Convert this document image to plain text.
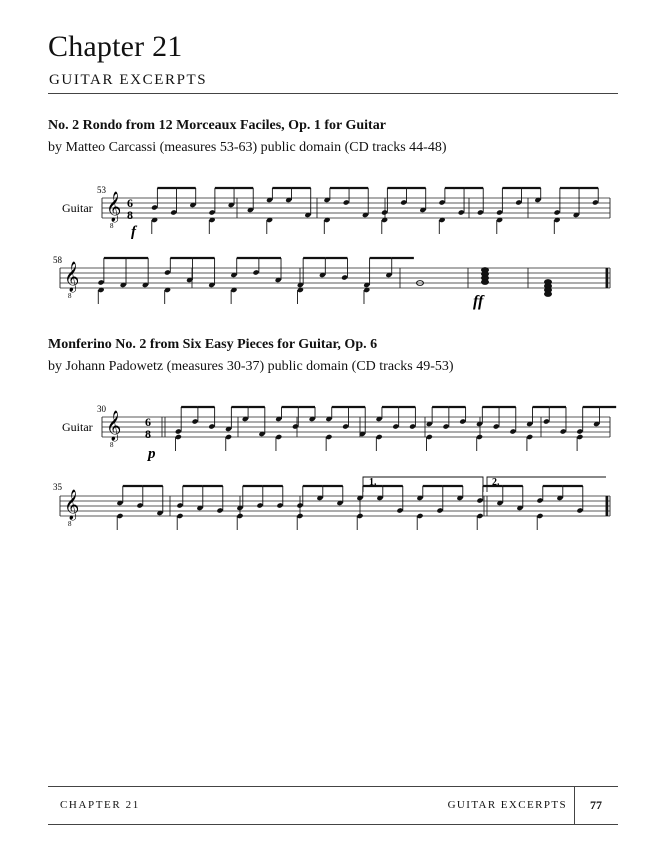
Chapter 21
GUITAR EXCERPTS
No. 2 Rondo from 12 Morceaux Faciles, Op. 1 for Guitar
by Matteo Carcassi (measures 53-63) public domain (CD tracks 44-48)
Monferino No. 2 from Six Easy Pieces for Guitar, Op. 6
by Johann Padowetz (measures 30-37) public domain (CD tracks 49-53)
𝄞
8
𝄞
8
𝄞
8
𝄞
8
Guitar
53
58
6
8
f
ff
Guitar
30
35
6
8
p
1.	2.
CHAPTER 21	GUITAR EXCERPTS 77
